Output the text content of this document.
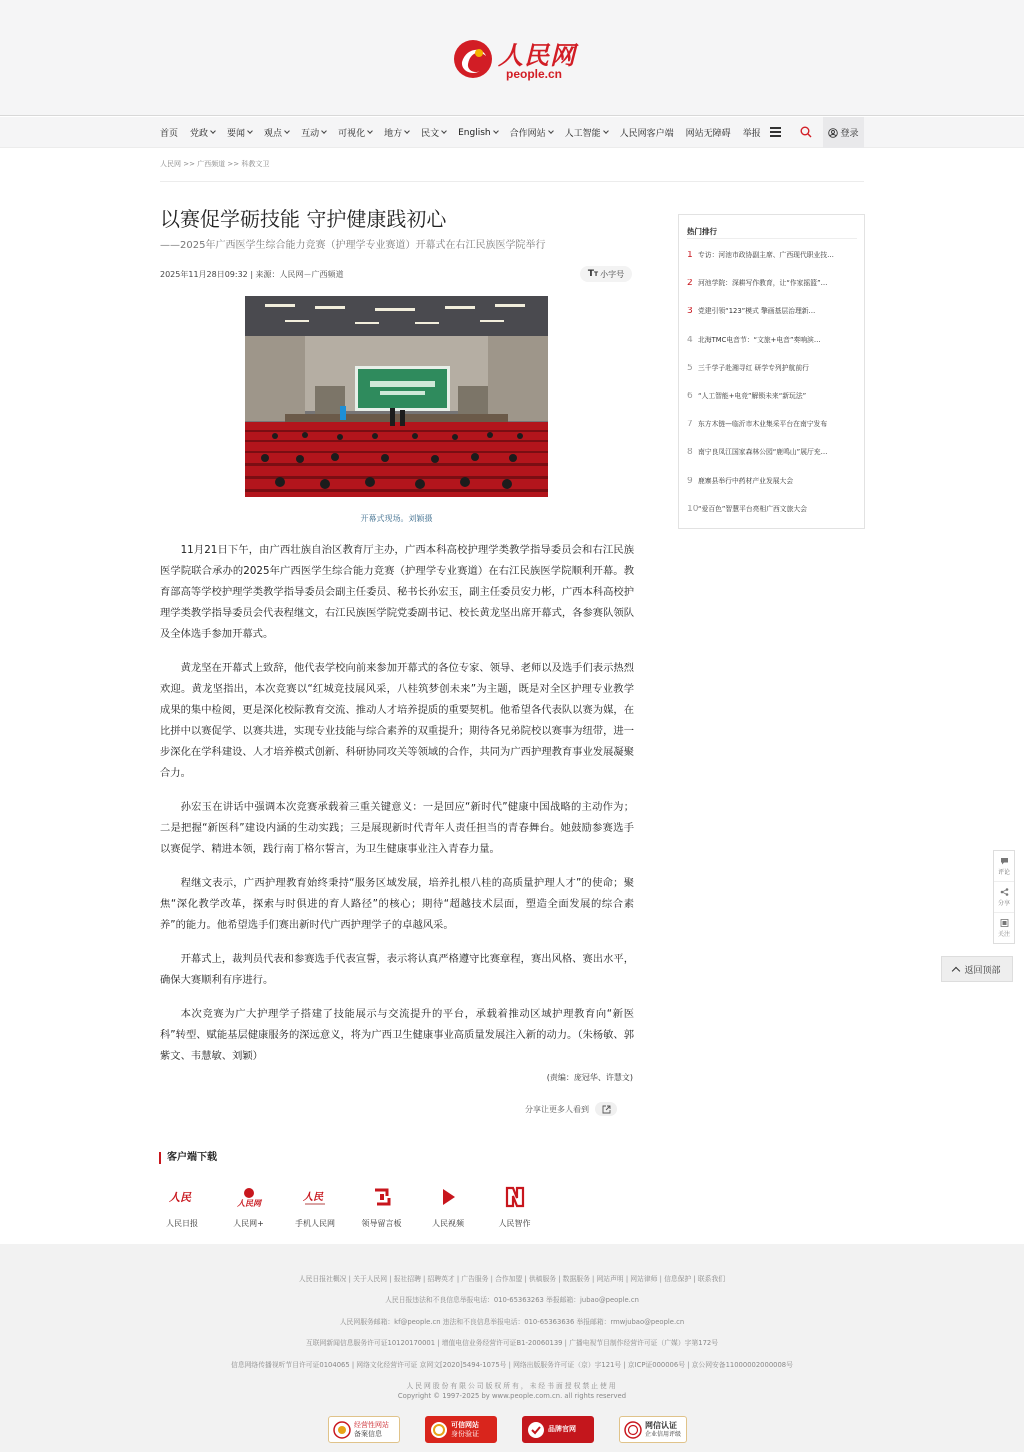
人民网
people.cn
首页 党政 要闻 观点 互动 可视化 地方 民文 English 合作网站 人工智能 人民网客户端 网站无障碍 举报	登录
人民网 >> 广西频道 >> 科教文卫
以赛促学砺技能 守护健康践初心
——2025年广西医学生综合能力竞赛（护理学专业赛道）开幕式在右江民族医学院举行
2025年11月28日09:32 | 来源：人民网－广西频道	TT 小字号
开幕式现场。刘颖摄

11月21日下午，由广西壮族自治区教育厅主办，广西本科高校护理学类教学指导委员会和右江民族医学院联合承办的2025年广西医学生综合能力竞赛（护理学专业赛道）在右江民族医学院顺利开幕。教育部高等学校护理学类教学指导委员会副主任委员、秘书长孙宏玉，副主任委员安力彬，广西本科高校护理学类教学指导委员会代表程继文，右江民族医学院党委副书记、校长黄龙坚出席开幕式，各参赛队领队及全体选手参加开幕式。

黄龙坚在开幕式上致辞，他代表学校向前来参加开幕式的各位专家、领导、老师以及选手们表示热烈欢迎。黄龙坚指出，本次竞赛以“红城竞技展风采，八桂筑梦创未来”为主题，既是对全区护理专业教学成果的集中检阅，更是深化校际教育交流、推动人才培养提质的重要契机。他希望各代表队以赛为媒，在比拼中以赛促学、以赛共进，实现专业技能与综合素养的双重提升；期待各兄弟院校以赛事为纽带，进一步深化在学科建设、人才培养模式创新、科研协同攻关等领域的合作，共同为广西护理教育事业发展凝聚合力。

孙宏玉在讲话中强调本次竞赛承载着三重关键意义：一是回应“新时代”健康中国战略的主动作为；二是把握“新医科”建设内涵的生动实践；三是展现新时代青年人责任担当的青春舞台。她鼓励参赛选手以赛促学、精进本领，践行南丁格尔誓言，为卫生健康事业注入青春力量。

程继文表示，广西护理教育始终秉持“服务区域发展，培养扎根八桂的高质量护理人才”的使命；聚焦“深化教学改革，探索与时俱进的育人路径”的核心；期待“超越技术层面，塑造全面发展的综合素养”的能力。他希望选手们赛出新时代广西护理学子的卓越风采。

开幕式上，裁判员代表和参赛选手代表宣誓，表示将认真严格遵守比赛章程，赛出风格、赛出水平，确保大赛顺利有序进行。

本次竞赛为广大护理学子搭建了技能展示与交流提升的平台，承载着推动区域护理教育向“新医科”转型、赋能基层健康服务的深远意义，将为广西卫生健康事业高质量发展注入新的动力。（朱杨敏、郭紫文、韦慧敏、刘颖）

(责编：庞冠华、许慧文)
分享让更多人看到
热门排行
1 专访：河池市政协副主席、广西现代职业技…
2 河池学院：深耕写作教育，让“作家摇篮”…
3 党建引领“123”模式 擎画基层治理新…
4 北海TMC电音节：“文旅+电音”奏响滨…
5 三千学子赴湘寻红 研学专列护航前行
6 “人工智能+电竞”解锁未来“新玩法”
7 东方木链—临沂市木业集采平台在南宁发布
8 南宁良凤江国家森林公园“鹿鸣山”展厅充…
9 鹿寨县举行中药材产业发展大会
10 “爱百色”智慧平台亮相广西文旅大会
评论
分享
关注
返回顶部
客户端下载
人民
人民日报
人民网
人民网+
人民
手机人民网	领导留言板	人民视频	人民智作
人民日报社概况 | 关于人民网 | 报社招聘 | 招聘英才 | 广告服务 | 合作加盟 | 供稿服务 | 数据服务 | 网站声明 | 网站律师 | 信息保护 | 联系我们
人民日报违法和不良信息举报电话：010-65363263 举报邮箱：jubao@people.cn
人民网服务邮箱：kf@people.cn 违法和不良信息举报电话：010-65363636 举报邮箱：rmwjubao@people.cn
互联网新闻信息服务许可证10120170001 | 增值电信业务经营许可证B1-20060139 | 广播电视节目制作经营许可证（广媒）字第172号
信息网络传播视听节目许可证0104065 | 网络文化经营许可证 京网文[2020]5494-1075号 | 网络出版服务许可证（京）字121号 | 京ICP证000006号 | 京公网安备11000002000008号
人民网股份有限公司版权所有，未经书面授权禁止使用
Copyright © 1997-2025 by www.people.com.cn. all rights reserved
经营性网站
备案信息
可信网站
身份验证
品牌官网	网信认证
企业信用评级
